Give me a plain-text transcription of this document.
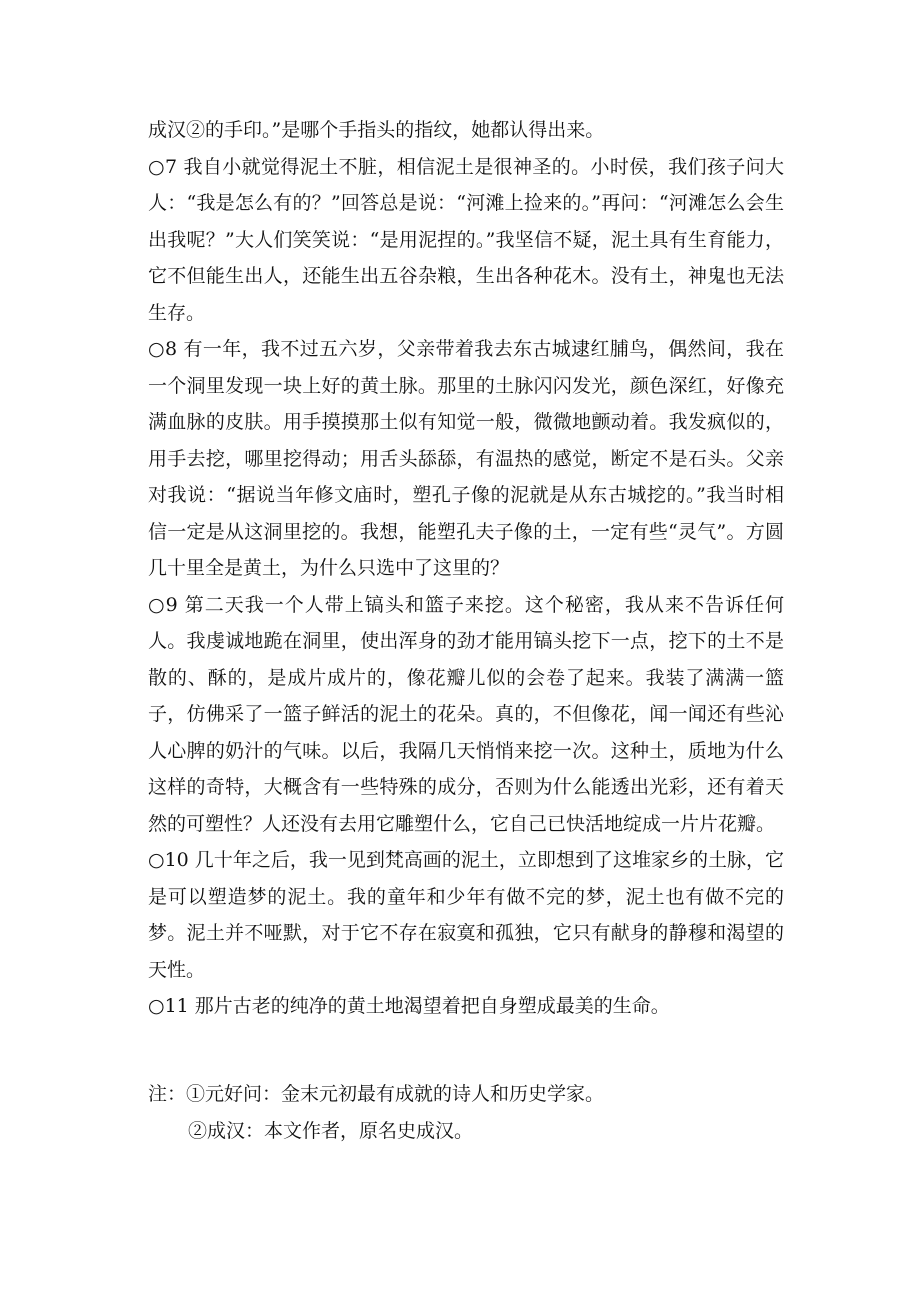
成汉②的手印。”是哪个手指头的指纹，她都认得出来。

○7 我自小就觉得泥土不脏，相信泥土是很神圣的。小时侯，我们孩子问大人：“我是怎么有的？”回答总是说：“河滩上捡来的。”再问：“河滩怎么会生出我呢？”大人们笑笑说：“是用泥捏的。”我坚信不疑，泥土具有生育能力，它不但能生出人，还能生出五谷杂粮，生出各种花木。没有土，神鬼也无法生存。

○8 有一年，我不过五六岁，父亲带着我去东古城逮红脯鸟，偶然间，我在一个洞里发现一块上好的黄土脉。那里的土脉闪闪发光，颜色深红，好像充满血脉的皮肤。用手摸摸那土似有知觉一般，微微地颤动着。我发疯似的，用手去挖，哪里挖得动；用舌头舔舔，有温热的感觉，断定不是石头。父亲对我说：“据说当年修文庙时，塑孔子像的泥就是从东古城挖的。”我当时相信一定是从这洞里挖的。我想，能塑孔夫子像的土，一定有些“灵气”。方圆几十里全是黄土，为什么只选中了这里的？

○9 第二天我一个人带上镐头和篮子来挖。这个秘密，我从来不告诉任何人。我虔诚地跪在洞里，使出浑身的劲才能用镐头挖下一点，挖下的土不是散的、酥的，是成片成片的，像花瓣儿似的会卷了起来。我装了满满一篮子，仿佛采了一篮子鲜活的泥土的花朵。真的，不但像花，闻一闻还有些沁人心脾的奶汁的气味。以后，我隔几天悄悄来挖一次。这种土，质地为什么这样的奇特，大概含有一些特殊的成分，否则为什么能透出光彩，还有着天然的可塑性？人还没有去用它雕塑什么，它自己已快活地绽成一片片花瓣。

○10 几十年之后，我一见到梵高画的泥土，立即想到了这堆家乡的土脉，它是可以塑造梦的泥土。我的童年和少年有做不完的梦，泥土也有做不完的梦。泥土并不哑默，对于它不存在寂寞和孤独，它只有献身的静穆和渴望的天性。

○11 那片古老的纯净的黄土地渴望着把自身塑成最美的生命。

注：①元好问：金末元初最有成就的诗人和历史学家。

②成汉：本文作者，原名史成汉。
